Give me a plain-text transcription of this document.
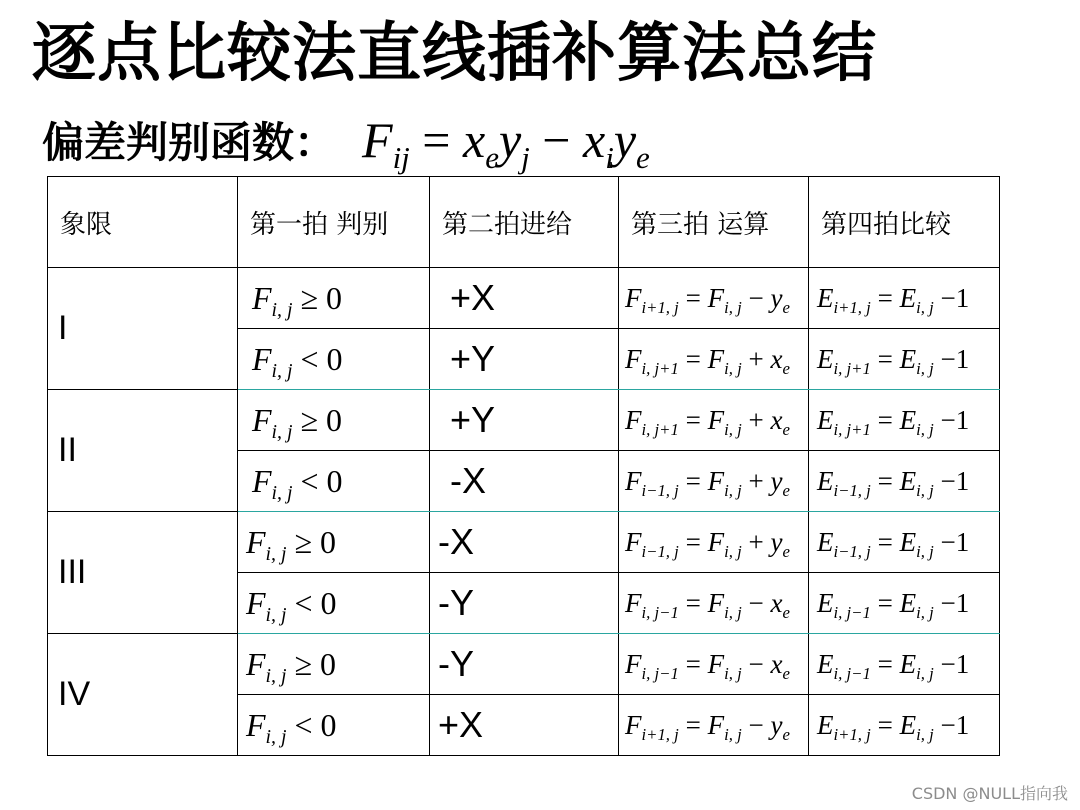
逐点比较法直线插补算法总结
偏差判别函数： $F_{ij} = x_ey_j - x_iy_e$
象限	第一拍 判别	第二拍进给	第三拍 运算	第四拍比较

I	$F_{i, j} \ge 0$	+X	$F_{i+1, j} = F_{i, j} - y_e$	$E_{i+1, j} = E_{i, j} -1$
	$F_{i, j} < 0$	+Y	$F_{i, j+1} = F_{i, j} + x_e$	$E_{i, j+1} = E_{i, j} -1$
II	$F_{i, j} \ge 0$	+Y	$F_{i, j+1} = F_{i, j} + x_e$	$E_{i, j+1} = E_{i, j} -1$
	$F_{i, j} < 0$	-X	$F_{i-1, j} = F_{i, j} + y_e$	$E_{i-1, j} = E_{i, j} -1$
III	$F_{i, j} \ge 0$	-X	$F_{i-1, j} = F_{i, j} + y_e$	$E_{i-1, j} = E_{i, j} -1$
	$F_{i, j} < 0$	-Y	$F_{i, j-1} = F_{i, j} - x_e$	$E_{i, j-1} = E_{i, j} -1$
IV	$F_{i, j} \ge 0$	-Y	$F_{i, j-1} = F_{i, j} - x_e$	$E_{i, j-1} = E_{i, j} -1$
	$F_{i, j} < 0$	+X	$F_{i+1, j} = F_{i, j} - y_e$	$E_{i+1, j} = E_{i, j} -1$
CSDN @NULL指向我
